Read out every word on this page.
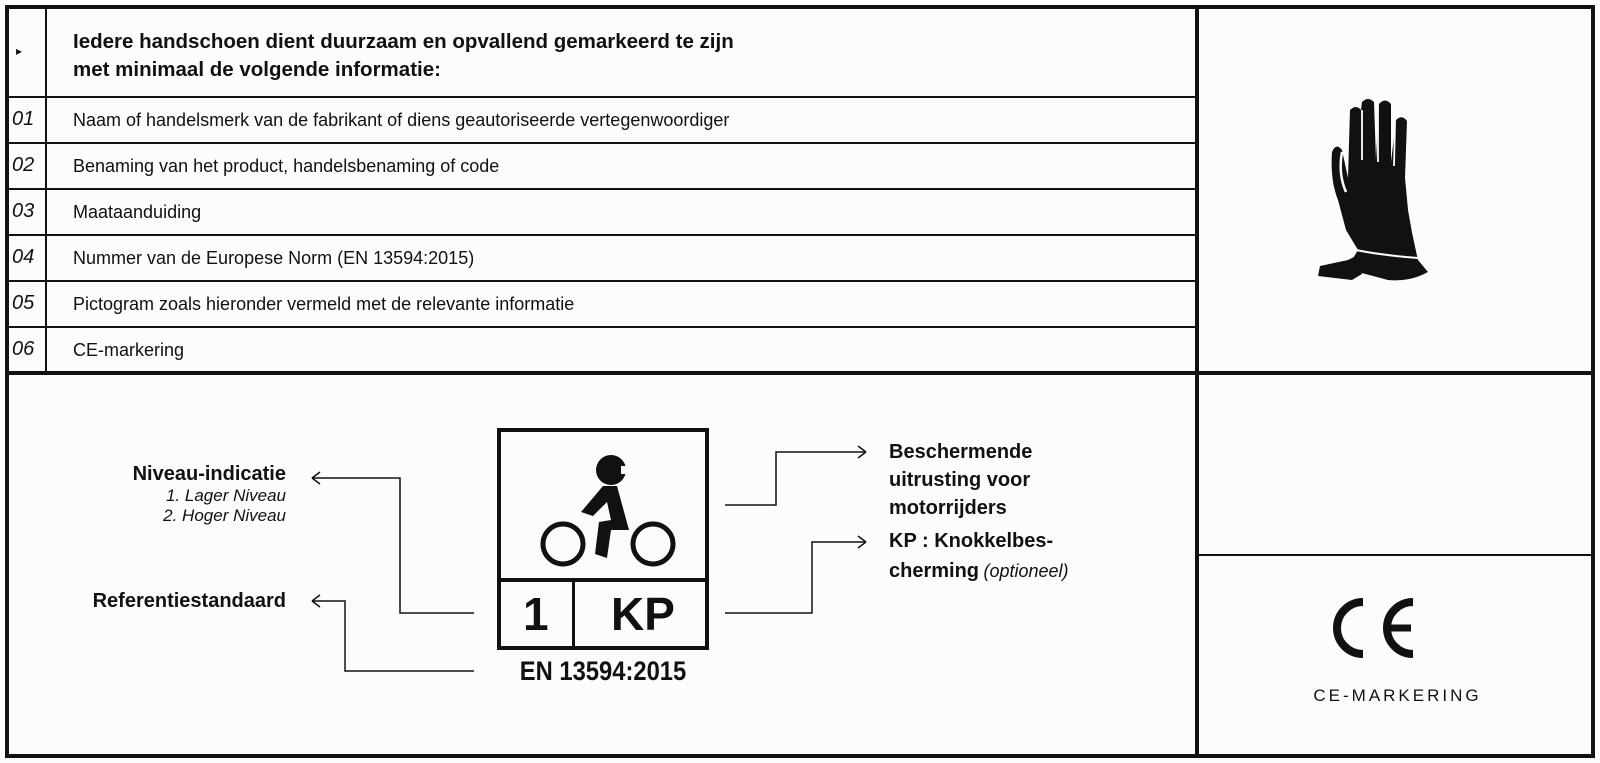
▸ Iedere handschoen dient duurzaam en opvallend gemarkeerd te zijn
met minimaal de volgende informatie:
01	Naam of handelsmerk van de fabrikant of diens geautoriseerde vertegenwoordiger
02	Benaming van het product, handelsbenaming of code
03	Maataanduiding
04	Nummer van de Europese Norm (EN 13594:2015)
05	Pictogram zoals hieronder vermeld met de relevante informatie
06	CE-markering
Niveau-indicatie
1. Lager Niveau
2. Hoger Niveau
Referentiestandaard	1 KP
EN 13594:2015
Beschermende
uitrusting voor
motorrijders
KP : Knokkelbes-
cherming (optioneel)
CE-MARKERING
